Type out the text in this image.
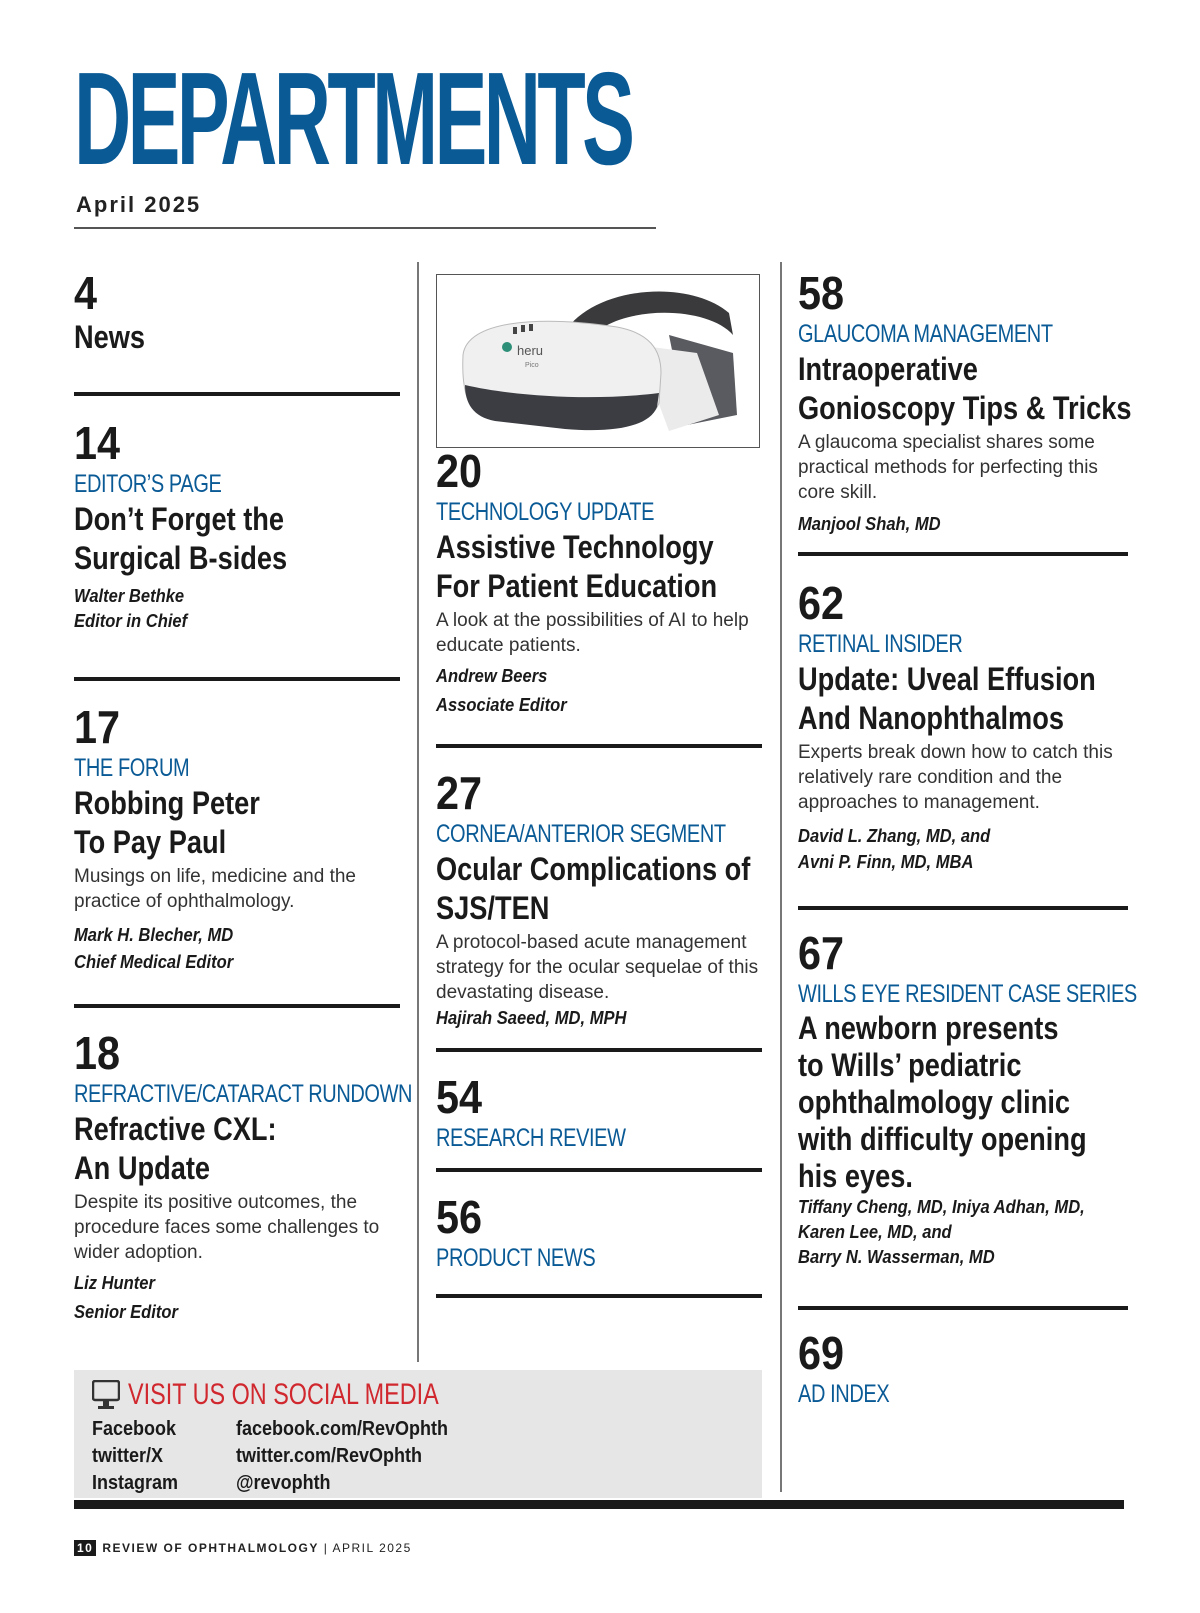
DEPARTMENTS
April 2025
4
News
14
EDITOR’S PAGE
Don’t Forget the
Surgical B-sides
Walter Bethke
Editor in Chief
17
THE FORUM
Robbing Peter
To Pay Paul
Musings on life, medicine and the practice of ophthalmology.
Mark H. Blecher, MD
Chief Medical Editor
18
REFRACTIVE/CATARACT RUNDOWN
Refractive CXL:
An Update
Despite its positive outcomes, the procedure faces some challenges to wider adoption.
Liz Hunter
Senior Editor
heru
Pico
20
TECHNOLOGY UPDATE
Assistive Technology
For Patient Education
A look at the possibilities of AI to help educate patients.
Andrew Beers
Associate Editor
27
CORNEA/ANTERIOR SEGMENT
Ocular Complications of
SJS/TEN
A protocol-based acute management strategy for the ocular sequelae of this devastating disease.
Hajirah Saeed, MD, MPH
54
RESEARCH REVIEW
56
PRODUCT NEWS
58
GLAUCOMA MANAGEMENT
Intraoperative
Gonioscopy Tips & Tricks
A glaucoma specialist shares some practical methods for perfecting this core skill.
Manjool Shah, MD
62
RETINAL INSIDER
Update: Uveal Effusion
And Nanophthalmos
Experts break down how to catch this relatively rare condition and the approaches to management.
David L. Zhang, MD, and
Avni P. Finn, MD, MBA
67
WILLS EYE RESIDENT CASE SERIES
A newborn presents
to Wills’ pediatric
ophthalmology clinic
with difficulty opening
his eyes.
Tiffany Cheng, MD, Iniya Adhan, MD,
Karen Lee, MD, and
Barry N. Wasserman, MD
69
AD INDEX
VISIT US ON SOCIAL MEDIA
Facebook	facebook.com/RevOphth
twitter/X	twitter.com/RevOphth
Instagram	@revophth
10 REVIEW OF OPHTHALMOLOGY | APRIL 2025
